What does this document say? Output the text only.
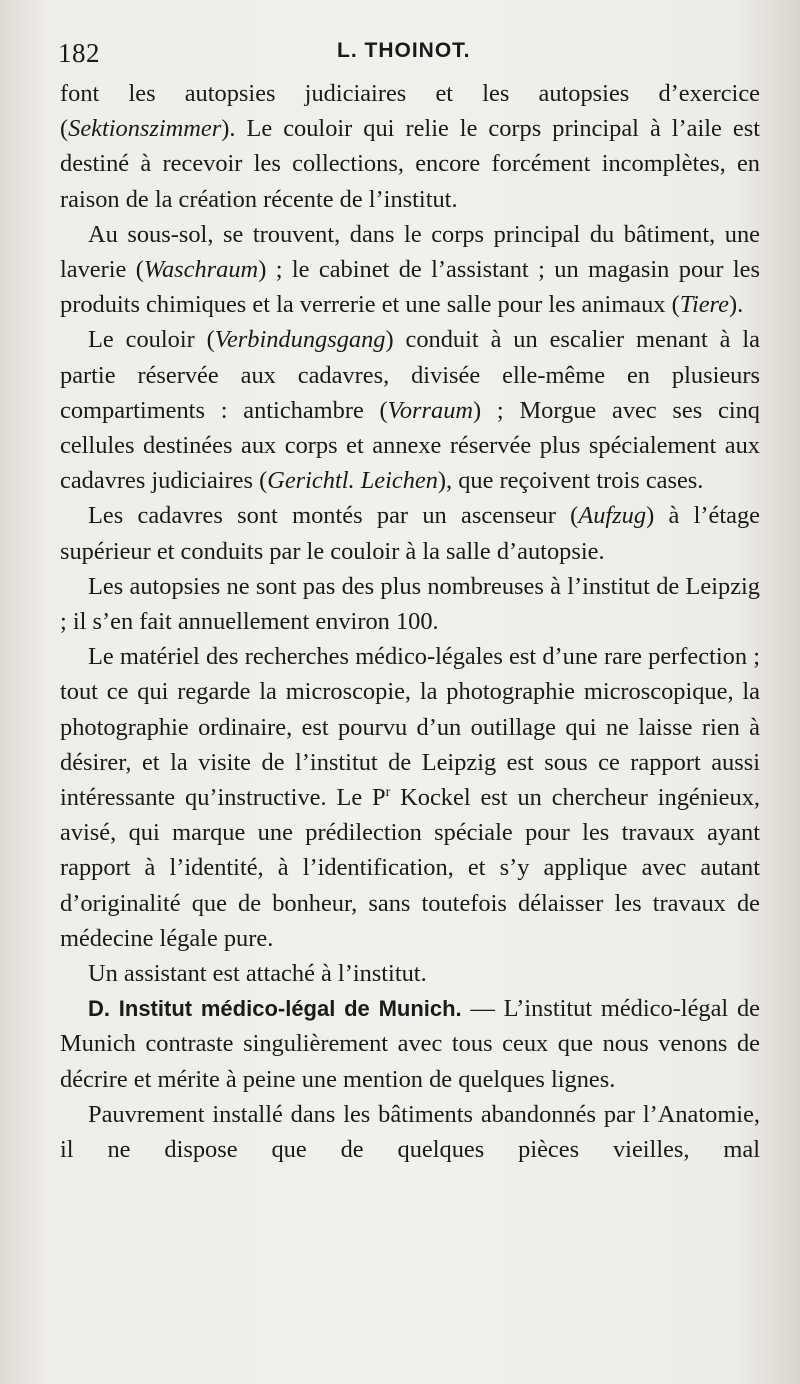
182	L. THOINOT.

font les autopsies judiciaires et les autopsies d’exercice (Sektionszimmer). Le couloir qui relie le corps principal à l’aile est destiné à recevoir les collections, encore forcément incomplètes, en raison de la création récente de l’institut.

Au sous-sol, se trouvent, dans le corps principal du bâtiment, une laverie (Waschraum) ; le cabinet de l’assistant ; un magasin pour les produits chimiques et la verrerie et une salle pour les animaux (Tiere).

Le couloir (Verbindungsgang) conduit à un escalier menant à la partie réservée aux cadavres, divisée elle-même en plusieurs compartiments : antichambre (Vorraum) ; Morgue avec ses cinq cellules destinées aux corps et annexe réservée plus spécialement aux cadavres judiciaires (Gerichtl. Leichen), que reçoivent trois cases.

Les cadavres sont montés par un ascenseur (Aufzug) à l’étage supérieur et conduits par le couloir à la salle d’autopsie.

Les autopsies ne sont pas des plus nombreuses à l’institut de Leipzig ; il s’en fait annuellement environ 100.

Le matériel des recherches médico-légales est d’une rare perfection ; tout ce qui regarde la microscopie, la photographie microscopique, la photographie ordinaire, est pourvu d’un outillage qui ne laisse rien à désirer, et la visite de l’institut de Leipzig est sous ce rapport aussi intéressante qu’instructive. Le $P^r$ Kockel est un chercheur ingénieux, avisé, qui marque une prédilection spéciale pour les travaux ayant rapport à l’identité, à l’identification, et s’y applique avec autant d’originalité que de bonheur, sans toutefois délaisser les travaux de médecine légale pure.

Un assistant est attaché à l’institut.

D. Institut médico-légal de Munich. — L’institut médico-légal de Munich contraste singulièrement avec tous ceux que nous venons de décrire et mérite à peine une mention de quelques lignes.

Pauvrement installé dans les bâtiments abandonnés par l’Anatomie, il ne dispose que de quelques pièces vieilles, mal
